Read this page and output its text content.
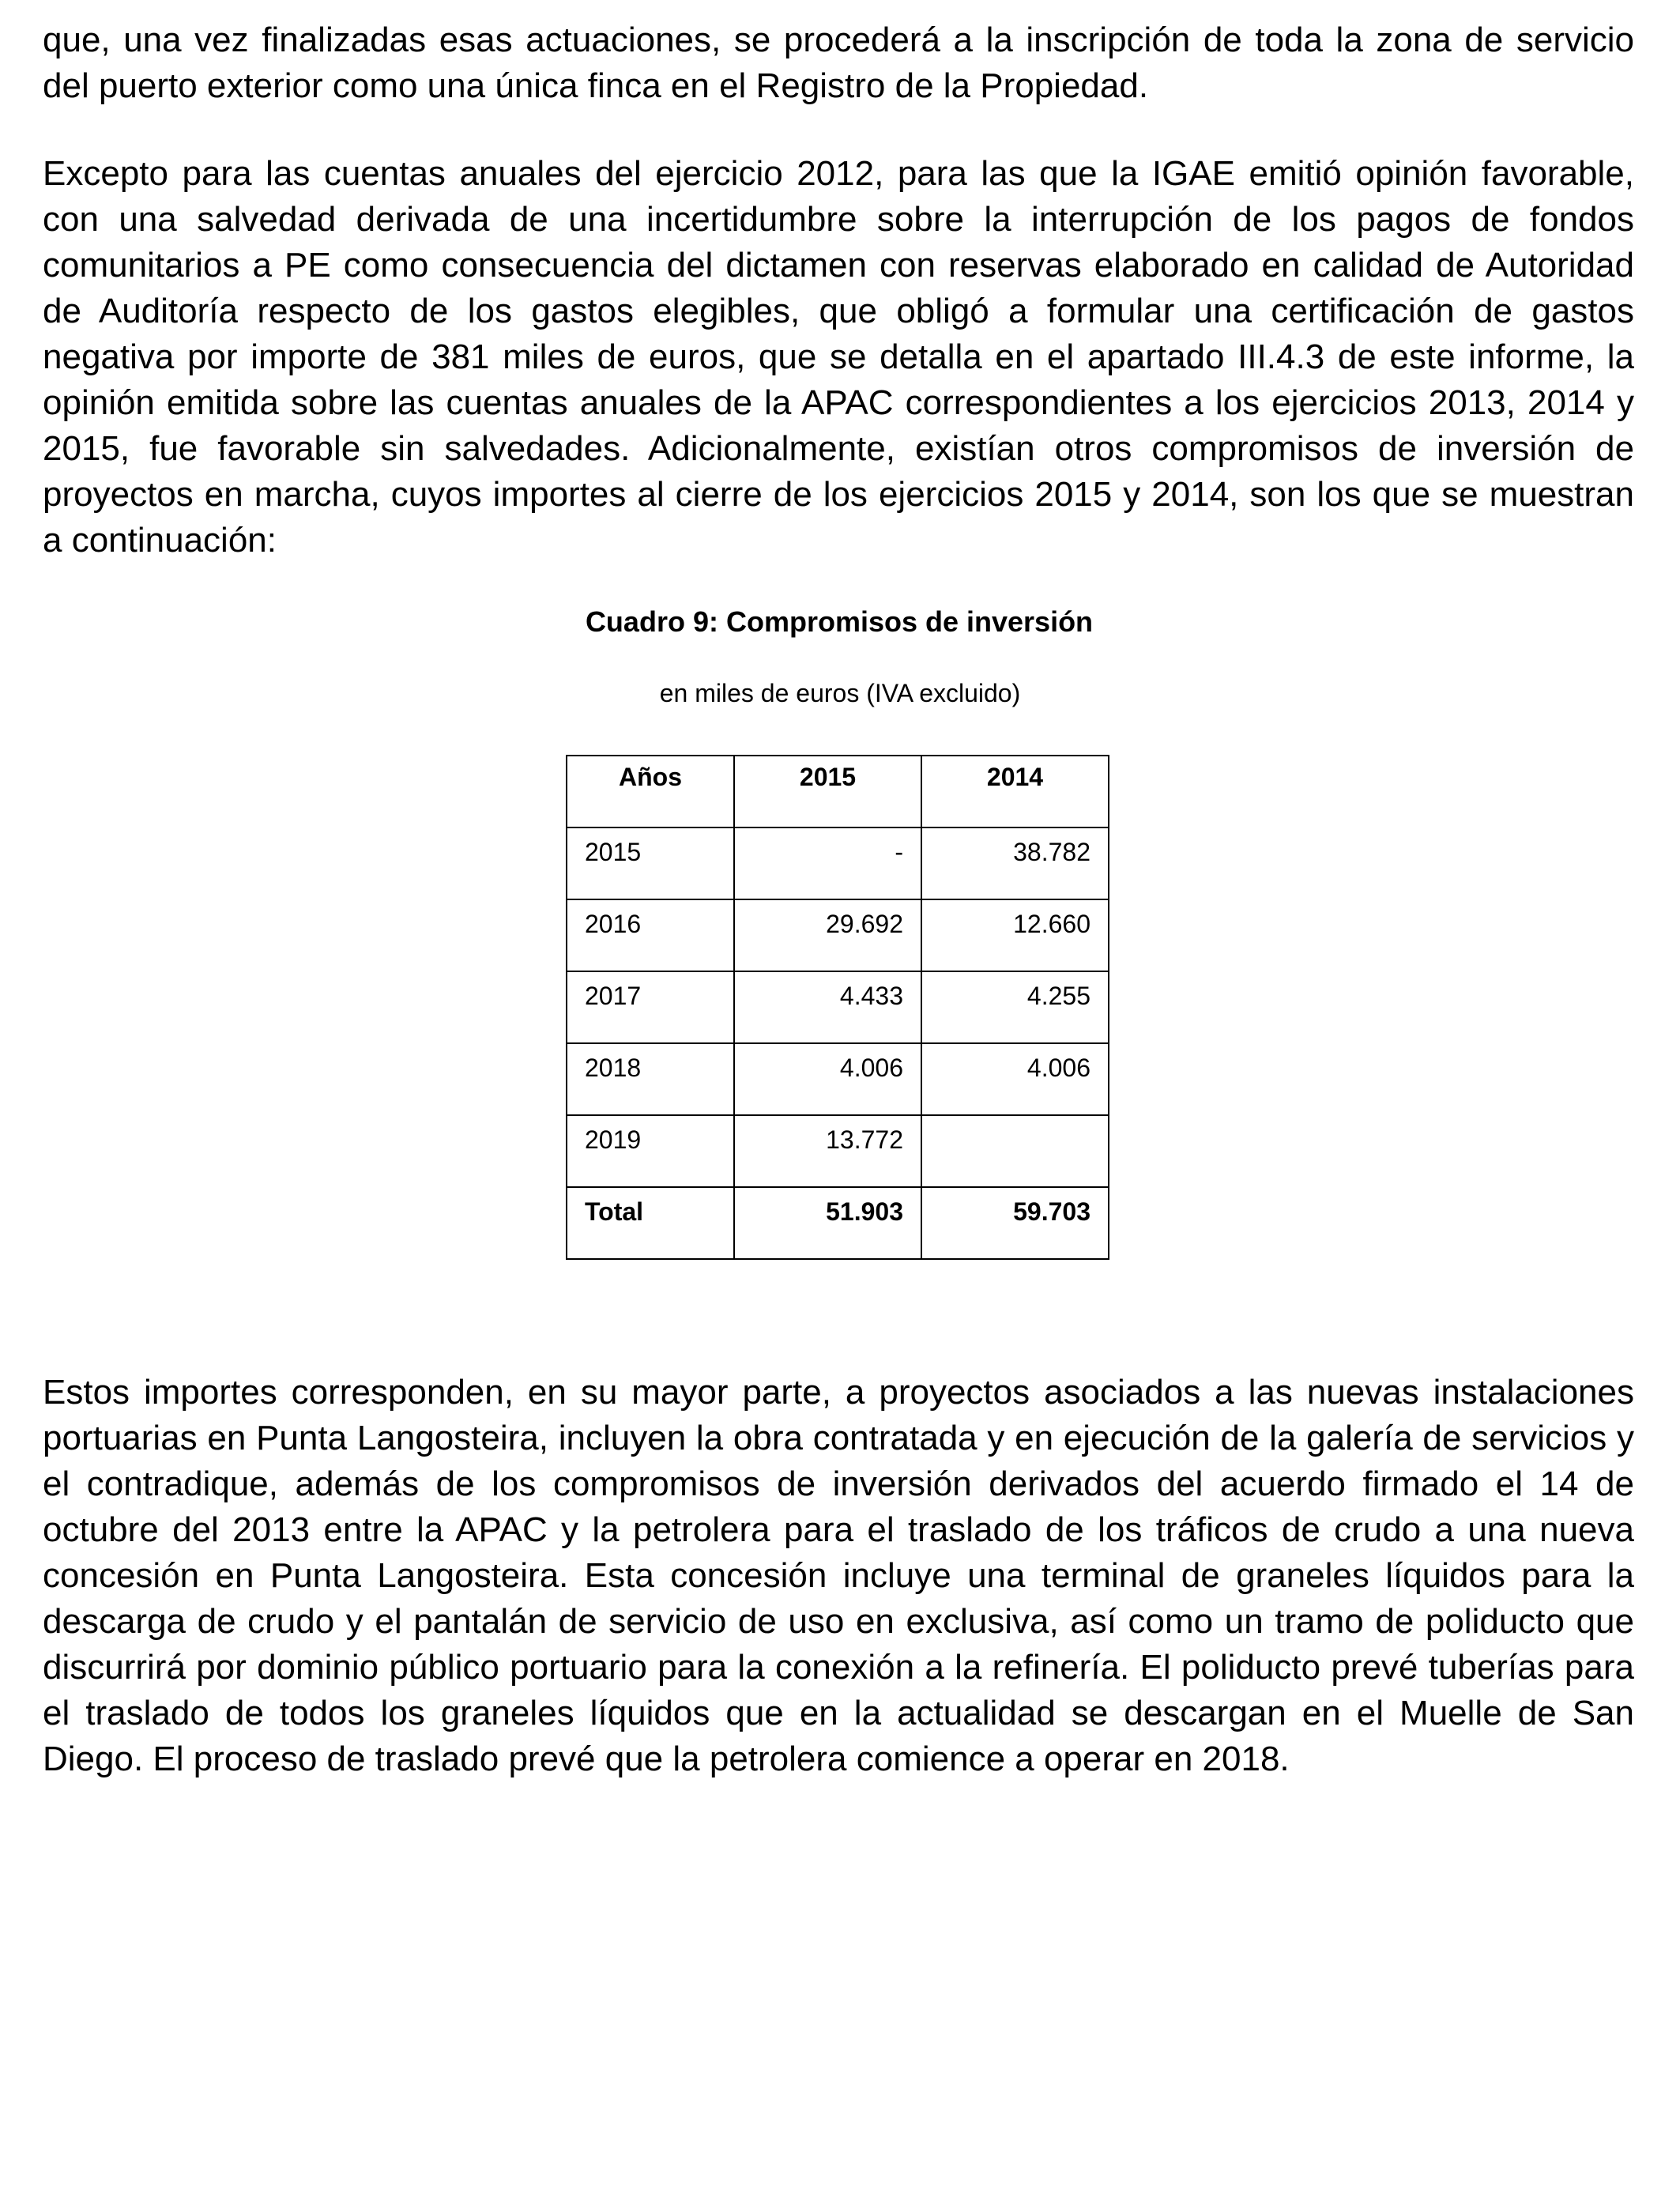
que, una vez finalizadas esas actuaciones, se procederá a la inscripción de toda la zona de servicio del puerto exterior como una única finca en el Registro de la Propiedad.

Excepto para las cuentas anuales del ejercicio 2012, para las que la IGAE emitió opinión favorable, con una salvedad derivada de una incertidumbre sobre la interrupción de los pagos de fondos comunitarios a PE como consecuencia del dictamen con reservas elaborado en calidad de Autoridad de Auditoría respecto de los gastos elegibles, que obligó a formular una certificación de gastos negativa por importe de 381 miles de euros, que se detalla en el apartado III.4.3 de este informe, la opinión emitida sobre las cuentas anuales de la APAC correspondientes a los ejercicios 2013, 2014 y 2015, fue favorable sin salvedades. Adicionalmente, existían otros compromisos de inversión de proyectos en marcha, cuyos importes al cierre de los ejercicios 2015 y 2014, son los que se muestran a continuación:

Cuadro 9: Compromisos de inversión

en miles de euros (IVA excluido)

Años	2015	2014
2015	-	38.782
2016	29.692	12.660
2017	4.433	4.255
2018	4.006	4.006
2019	13.772	
Total	51.903	59.703

Estos importes corresponden, en su mayor parte, a proyectos asociados a las nuevas instalaciones portuarias en Punta Langosteira, incluyen la obra contratada y en ejecución de la galería de servicios y el contradique, además de los compromisos de inversión derivados del acuerdo firmado el 14 de octubre del 2013 entre la APAC y la petrolera para el traslado de los tráficos de crudo a una nueva concesión en Punta Langosteira. Esta concesión incluye una terminal de graneles líquidos para la descarga de crudo y el pantalán de servicio de uso en exclusiva, así como un tramo de poliducto que discurrirá por dominio público portuario para la conexión a la refinería. El poliducto prevé tuberías para el traslado de todos los graneles líquidos que en la actualidad se descargan en el Muelle de San Diego. El proceso de traslado prevé que la petrolera comience a operar en 2018.
